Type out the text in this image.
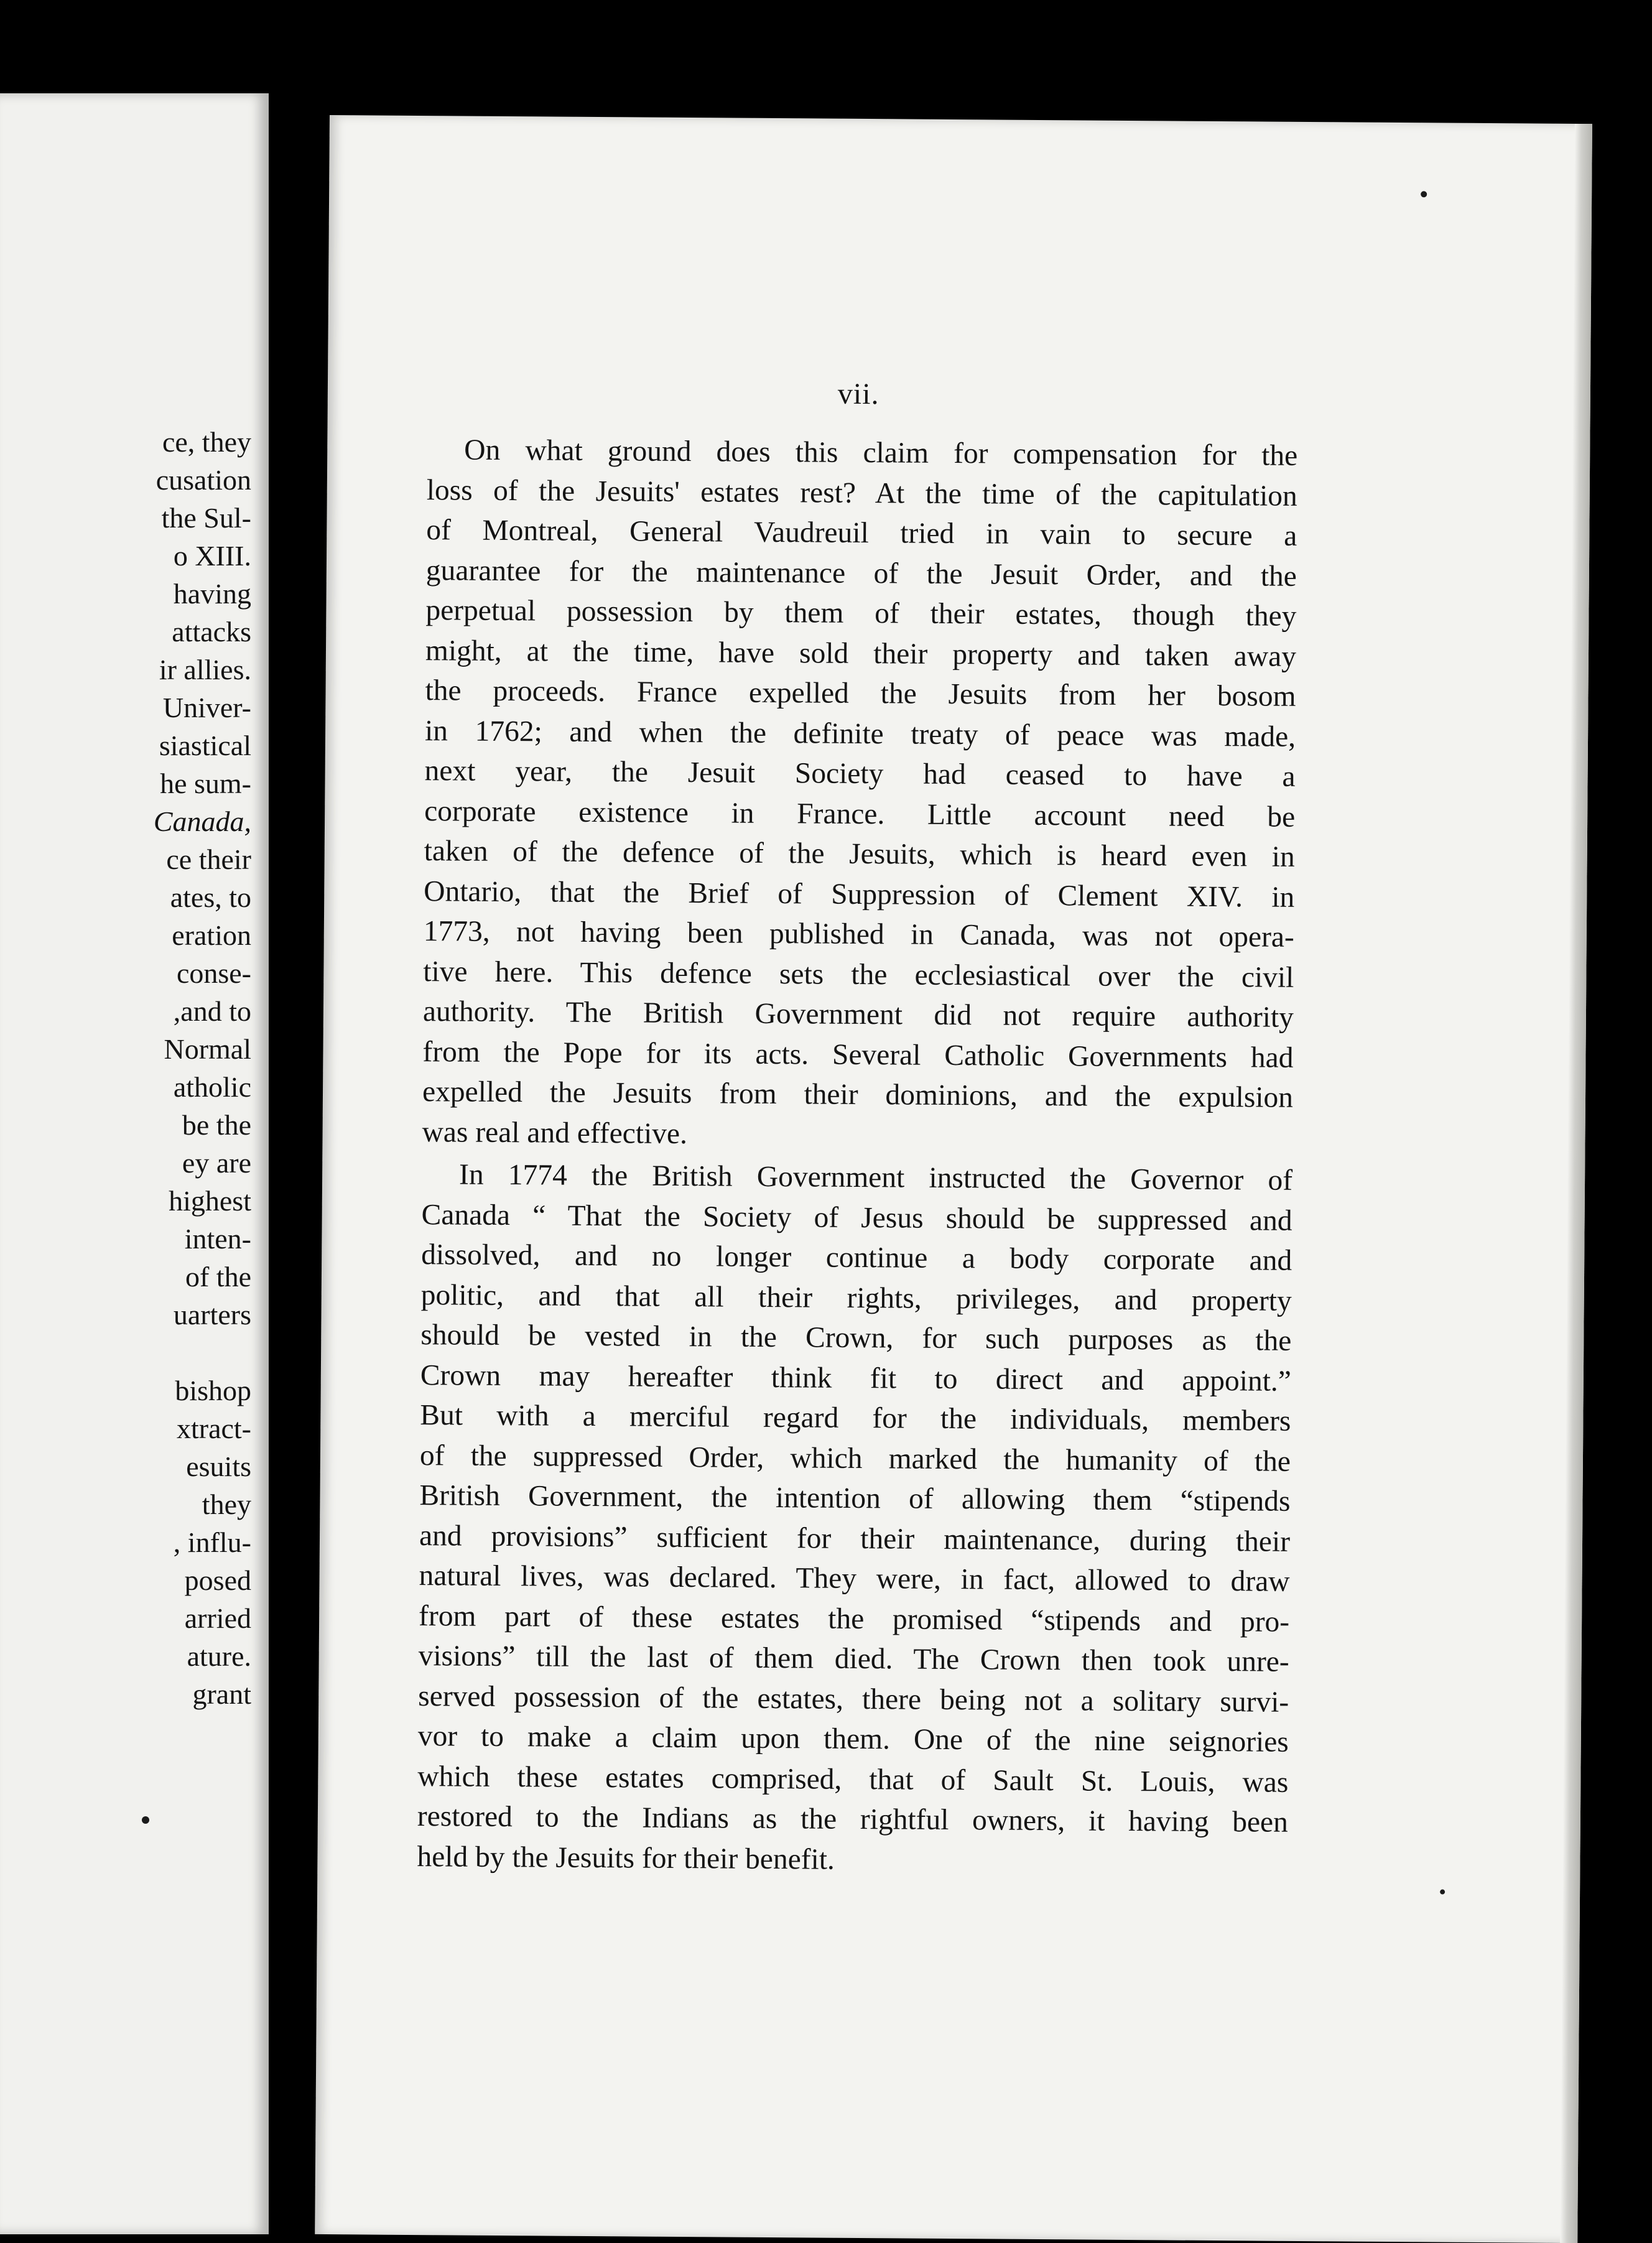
ce, they
cusation
the Sul-
o XIII.
having
attacks
ir allies.
Univer-
siastical
he sum-
Canada,
ce their
ates, to
eration
conse-
,and to
Normal
atholic
be the
ey are
highest
inten-
of the
uarters

bishop
xtract-
esuits
they
, influ-
posed
arried
ature.
grant
vii.
On what ground does this claim for compensation for the
loss of the Jesuits' estates rest? At the time of the capitulation
of Montreal, General Vaudreuil tried in vain to secure a
guarantee for the maintenance of the Jesuit Order, and the
perpetual possession by them of their estates, though they
might, at the time, have sold their property and taken away
the proceeds. France expelled the Jesuits from her bosom
in 1762; and when the definite treaty of peace was made,
next year, the Jesuit Society had ceased to have a
corporate existence in France. Little account need be
taken of the defence of the Jesuits, which is heard even in
Ontario, that the Brief of Suppression of Clement XIV. in
1773, not having been published in Canada, was not opera-
tive here. This defence sets the ecclesiastical over the civil
authority. The British Government did not require authority
from the Pope for its acts. Several Catholic Governments had
expelled the Jesuits from their dominions, and the expulsion
was real and effective.
In 1774 the British Government instructed the Governor of
Canada “ That the Society of Jesus should be suppressed and
dissolved, and no longer continue a body corporate and
politic, and that all their rights, privileges, and property
should be vested in the Crown, for such purposes as the
Crown may hereafter think fit to direct and appoint.”
But with a merciful regard for the individuals, members
of the suppressed Order, which marked the humanity of the
British Government, the intention of allowing them “stipends
and provisions” sufficient for their maintenance, during their
natural lives, was declared. They were, in fact, allowed to draw
from part of these estates the promised “stipends and pro-
visions” till the last of them died. The Crown then took unre-
served possession of the estates, there being not a solitary survi-
vor to make a claim upon them. One of the nine seignories
which these estates comprised, that of Sault St. Louis, was
restored to the Indians as the rightful owners, it having been
held by the Jesuits for their benefit.
